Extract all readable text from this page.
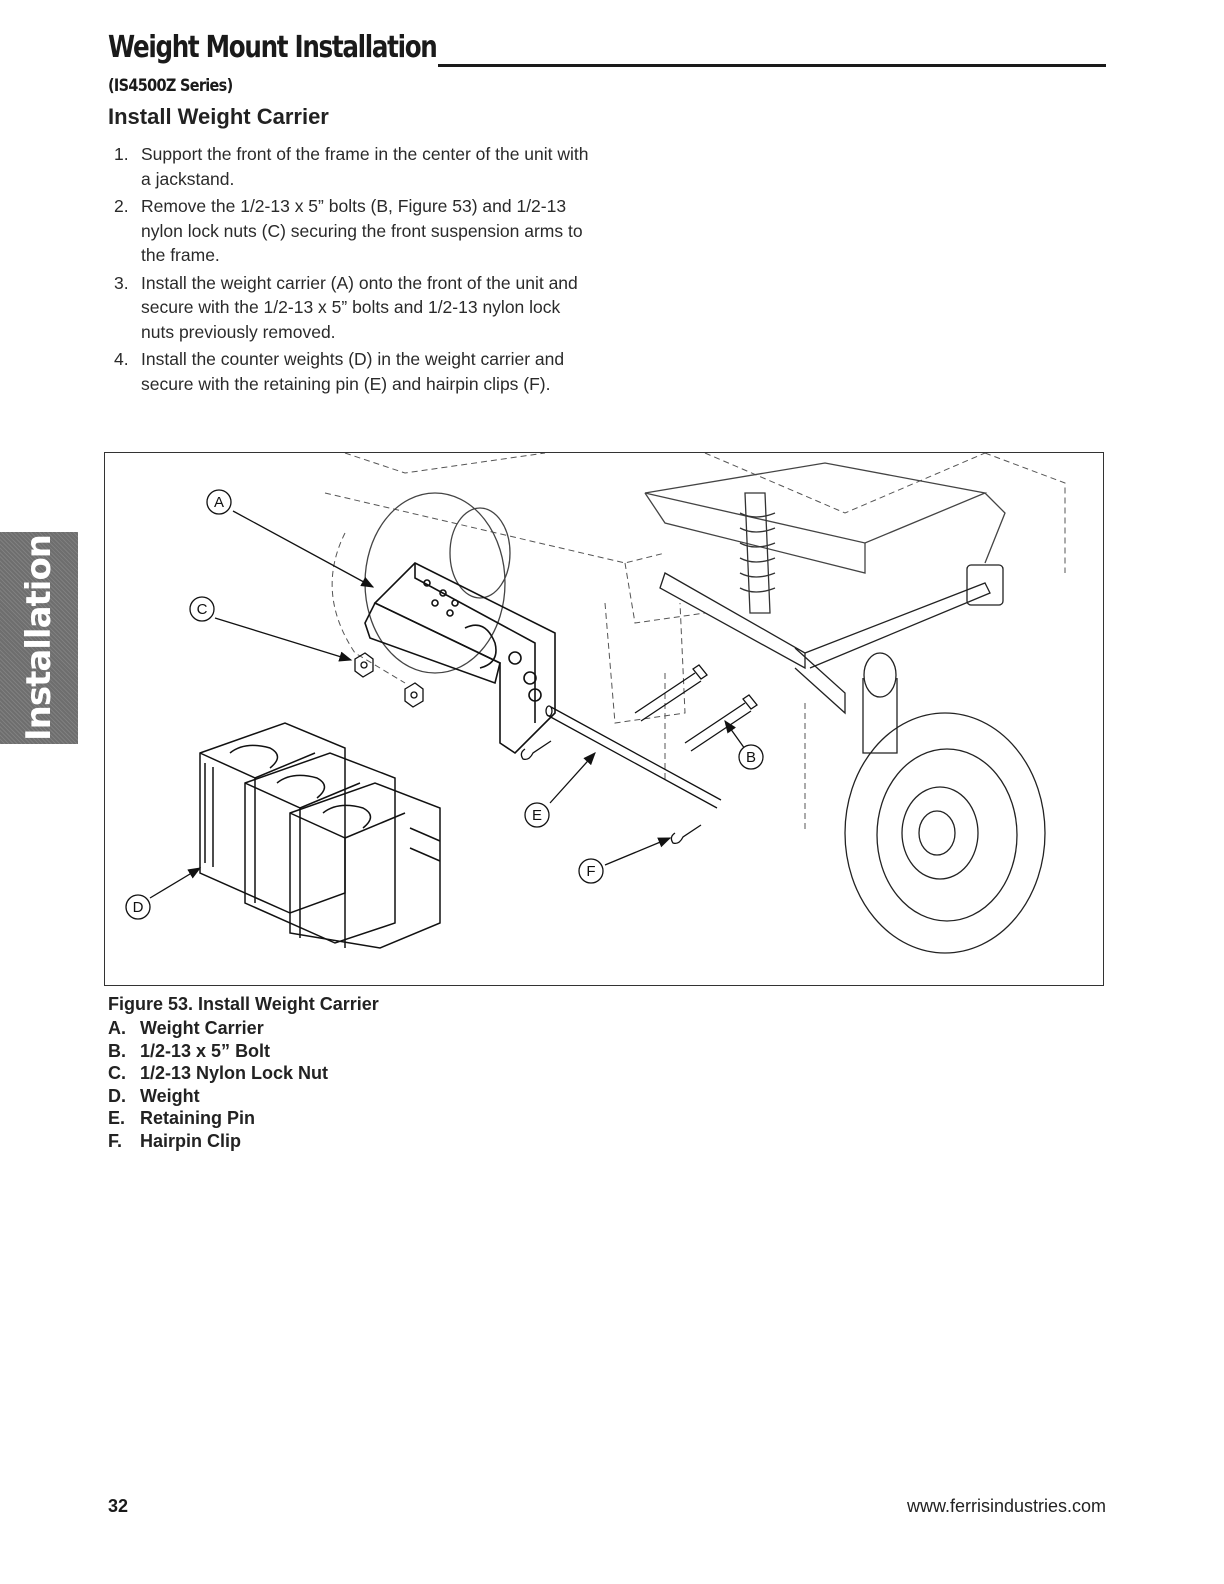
Weight Mount Installation
(IS4500Z Series)
Install Weight Carrier
1. Support the front of the frame in the center of the unit with a jackstand.
2. Remove the 1/2-13 x 5” bolts (B, Figure 53) and 1/2-13 nylon lock nuts (C) securing the front suspension arms to the frame.
3. Install the weight carrier (A) onto the front of the unit and secure with the 1/2-13 x 5” bolts and 1/2-13 nylon lock nuts previously removed.
4. Install the counter weights (D) in the weight carrier and secure with the retaining pin (E) and hairpin clips (F).
A
C
B
E
F
D
Figure 53. Install Weight Carrier
A. Weight Carrier
B. 1/2-13 x 5” Bolt
C. 1/2-13 Nylon Lock Nut
D. Weight
E. Retaining Pin
F. Hairpin Clip
Installation
32	www.ferrisindustries.com
